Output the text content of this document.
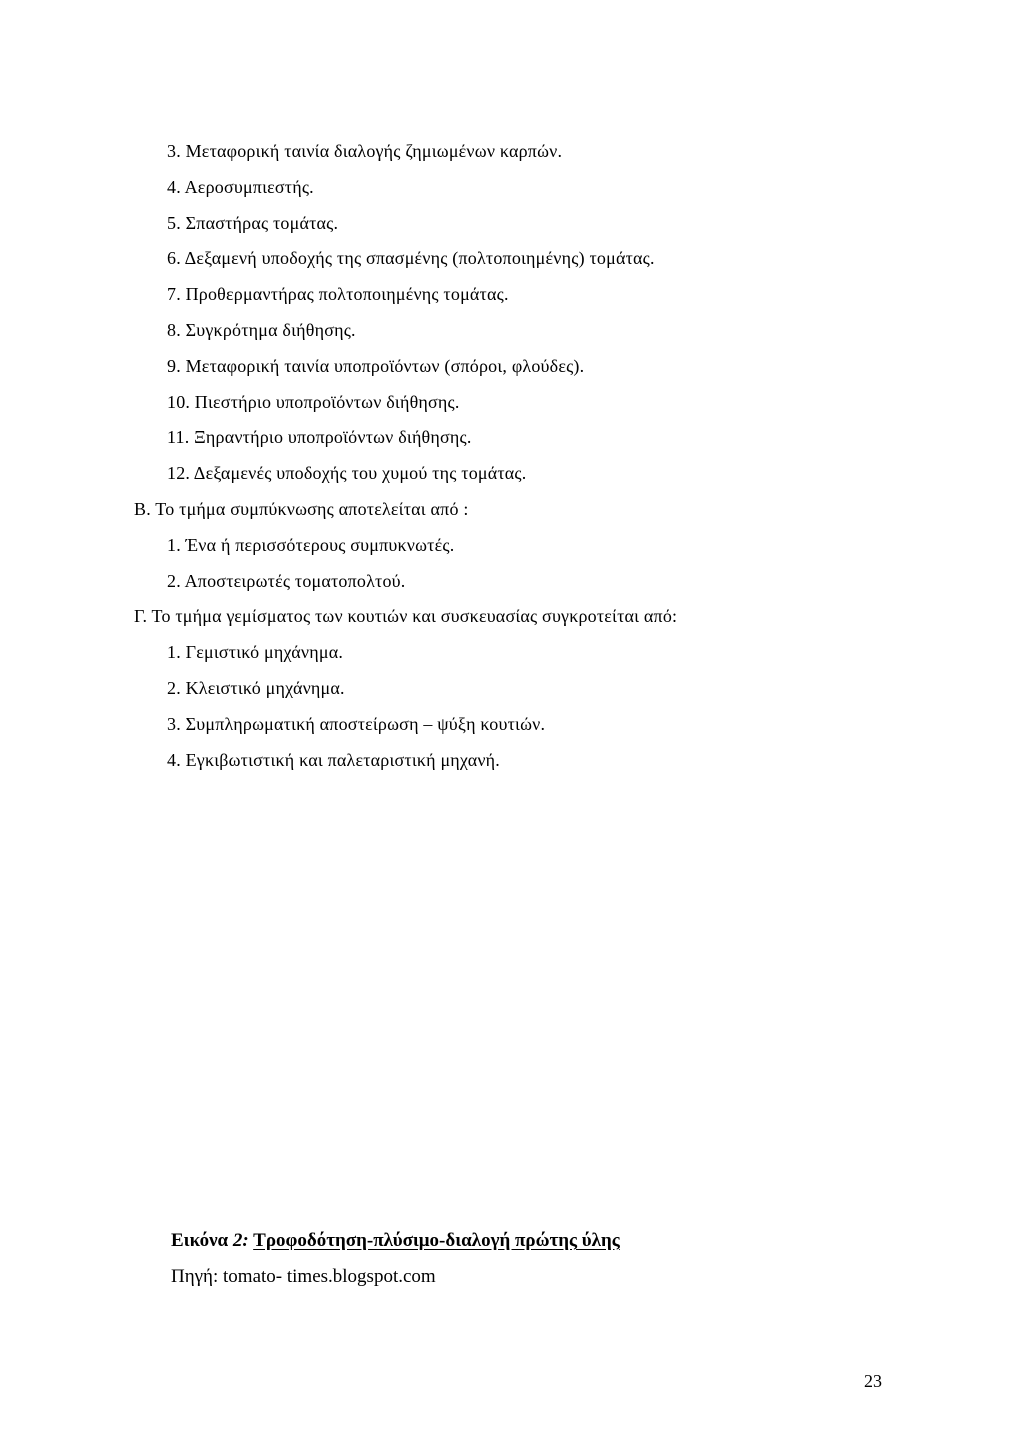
3. Μεταφορική ταινία διαλογής ζημιωμένων καρπών.
4. Αεροσυμπιεστής.
5. Σπαστήρας τομάτας.
6. Δεξαμενή υποδοχής της σπασμένης (πολτοποιημένης) τομάτας.
7. Προθερμαντήρας πολτοποιημένης τομάτας.
8. Συγκρότημα διήθησης.
9. Μεταφορική ταινία υποπροϊόντων (σπόροι, φλούδες).
10. Πιεστήριο υποπροϊόντων διήθησης.
11. Ξηραντήριο υποπροϊόντων διήθησης.
12. Δεξαμενές υποδοχής του χυμού της τομάτας.
Β. Το τμήμα συμπύκνωσης αποτελείται από :
1. Ένα ή περισσότερους συμπυκνωτές.
2. Αποστειρωτές τοματοπολτού.
Γ. Το τμήμα γεμίσματος των κουτιών και συσκευασίας συγκροτείται από:
1. Γεμιστικό μηχάνημα.
2. Κλειστικό μηχάνημα.
3. Συμπληρωματική αποστείρωση – ψύξη κουτιών.
4. Εγκιβωτιστική και παλεταριστική μηχανή.
Εικόνα 2: Τροφοδότηση-πλύσιμο-διαλογή πρώτης ύλης
Πηγή: tomato- times.blogspot.com
23
